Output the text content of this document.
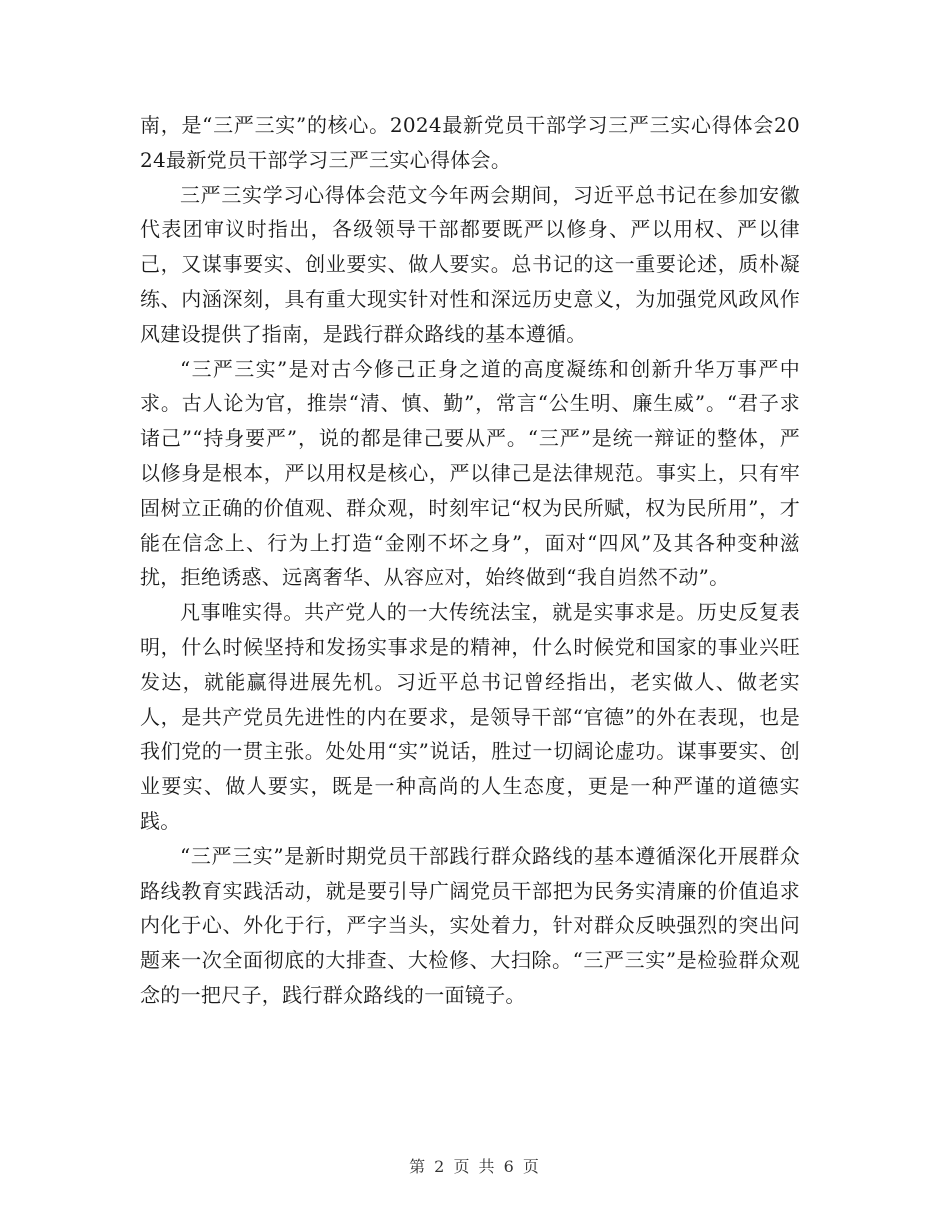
南，是“三严三实”的核心。2024最新党员干部学习三严三实心得体会2024最新党员干部学习三严三实心得体会。

三严三实学习心得体会范文今年两会期间，习近平总书记在参加安徽代表团审议时指出，各级领导干部都要既严以修身、严以用权、严以律己，又谋事要实、创业要实、做人要实。总书记的这一重要论述，质朴凝练、内涵深刻，具有重大现实针对性和深远历史意义，为加强党风政风作风建设提供了指南，是践行群众路线的基本遵循。

“三严三实”是对古今修己正身之道的高度凝练和创新升华万事严中求。古人论为官，推崇“清、慎、勤”，常言“公生明、廉生威”。“君子求诸己”“持身要严”，说的都是律己要从严。“三严”是统一辩证的整体，严以修身是根本，严以用权是核心，严以律己是法律规范。事实上，只有牢固树立正确的价值观、群众观，时刻牢记“权为民所赋，权为民所用”，才能在信念上、行为上打造“金刚不坏之身”，面对“四风”及其各种变种滋扰，拒绝诱惑、远离奢华、从容应对，始终做到“我自岿然不动”。

凡事唯实得。共产党人的一大传统法宝，就是实事求是。历史反复表明，什么时候坚持和发扬实事求是的精神，什么时候党和国家的事业兴旺发达，就能赢得进展先机。习近平总书记曾经指出，老实做人、做老实人，是共产党员先进性的内在要求，是领导干部“官德”的外在表现，也是我们党的一贯主张。处处用“实”说话，胜过一切阔论虚功。谋事要实、创业要实、做人要实，既是一种高尚的人生态度，更是一种严谨的道德实践。

“三严三实”是新时期党员干部践行群众路线的基本遵循深化开展群众路线教育实践活动，就是要引导广阔党员干部把为民务实清廉的价值追求内化于心、外化于行，严字当头，实处着力，针对群众反映强烈的突出问题来一次全面彻底的大排查、大检修、大扫除。“三严三实”是检验群众观念的一把尺子，践行群众路线的一面镜子。

第 2 页 共 6 页
